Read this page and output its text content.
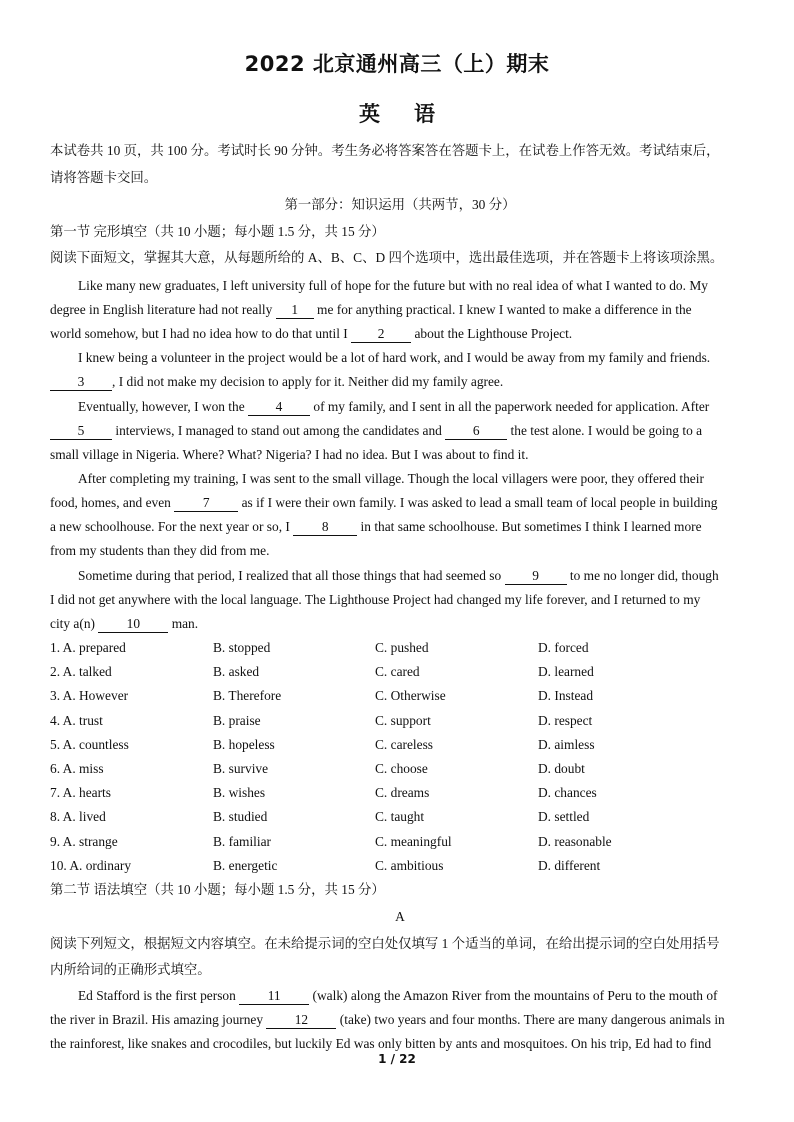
2022 北京通州高三（上）期末
英语
本试卷共 10 页，共 100 分。考试时长 90 分钟。考生务必将答案答在答题卡上，在试卷上作答无效。考试结束后，
请将答题卡交回。
第一部分：知识运用（共两节，30 分）
第一节 完形填空（共 10 小题；每小题 1.5 分，共 15 分）
阅读下面短文，掌握其大意，从每题所给的 A、B、C、D 四个选项中，选出最佳选项，并在答题卡上将该项涂黑。
Like many new graduates, I left university full of hope for the future but with no real idea of what I wanted to do. My
degree in English literature had not really 1 me for anything practical. I knew I wanted to make a difference in the
world somehow, but I had no idea how to do that until I 2 about the Lighthouse Project.
I knew being a volunteer in the project would be a lot of hard work, and I would be away from my family and friends.
3 , I did not make my decision to apply for it. Neither did my family agree.
Eventually, however, I won the 4 of my family, and I sent in all the paperwork needed for application. After
5 interviews, I managed to stand out among the candidates and 6 the test alone. I would be going to a
small village in Nigeria. Where? What? Nigeria? I had no idea. But I was about to find it.
After completing my training, I was sent to the small village. Though the local villagers were poor, they offered their
food, homes, and even 7 as if I were their own family. I was asked to lead a small team of local people in building
a new schoolhouse. For the next year or so, I 8 in that same schoolhouse. But sometimes I think I learned more
from my students than they did from me.
Sometime during that period, I realized that all those things that had seemed so 9 to me no longer did, though
I did not get anywhere with the local language. The Lighthouse Project had changed my life forever, and I returned to my
city a(n) 10 man.
1. A. prepared	B. stopped	C. pushed	D. forced
2. A. talked	B. asked	C. cared	D. learned
3. A. However	B. Therefore	C. Otherwise	D. Instead
4. A. trust	B. praise	C. support	D. respect
5. A. countless	B. hopeless	C. careless	D. aimless
6. A. miss	B. survive	C. choose	D. doubt
7. A. hearts	B. wishes	C. dreams	D. chances
8. A. lived	B. studied	C. taught	D. settled
9. A. strange	B. familiar	C. meaningful	D. reasonable
10. A. ordinary	B. energetic	C. ambitious	D. different
第二节 语法填空（共 10 小题；每小题 1.5 分，共 15 分）
A
阅读下列短文，根据短文内容填空。在未给提示词的空白处仅填写 1 个适当的单词，在给出提示词的空白处用括号
内所给词的正确形式填空。
Ed Stafford is the first person 11 (walk) along the Amazon River from the mountains of Peru to the mouth of
the river in Brazil. His amazing journey 12 (take) two years and four months. There are many dangerous animals in
the rainforest, like snakes and crocodiles, but luckily Ed was only bitten by ants and mosquitoes. On his trip, Ed had to find
1 / 22
